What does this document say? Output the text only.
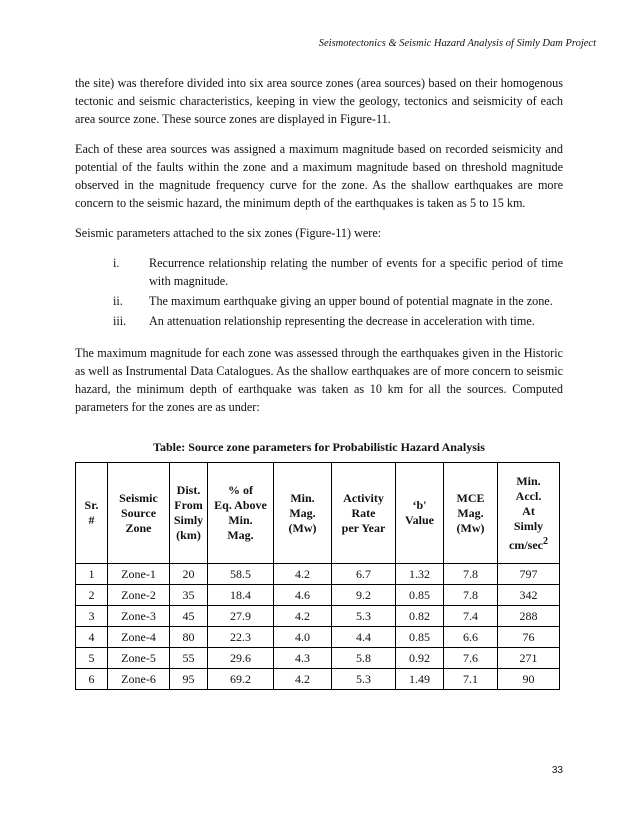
Seismotectonics & Seismic Hazard Analysis of Simly Dam Project

the site) was therefore divided into six area source zones (area sources) based on their homogenous tectonic and seismic characteristics, keeping in view the geology, tectonics and seismicity of each area source zone. These source zones are displayed in Figure-11.

Each of these area sources was assigned a maximum magnitude based on recorded seismicity and potential of the faults within the zone and a maximum magnitude based on threshold magnitude observed in the magnitude frequency curve for the zone. As the shallow earthquakes are more concern to the seismic hazard, the minimum depth of the earthquakes is taken as 5 to 15 km.

Seismic parameters attached to the six zones (Figure-11) were:

i. Recurrence relationship relating the number of events for a specific period of time with magnitude.
ii. The maximum earthquake giving an upper bound of potential magnate in the zone.
iii. An attenuation relationship representing the decrease in acceleration with time.

The maximum magnitude for each zone was assessed through the earthquakes given in the Historic as well as Instrumental Data Catalogues. As the shallow earthquakes are of more concern to seismic hazard, the minimum depth of earthquake was taken as 10 km for all the sources. Computed parameters for the zones are as under:

Table: Source zone parameters for Probabilistic Hazard Analysis
Sr.
#	Seismic
Source
Zone	Dist.
From
Simly
(km)	% of
Eq. Above
Min.
Mag.	Min.
Mag.
(Mw)	Activity
Rate
per Year	‘b'
Value	MCE
Mag.
(Mw)	Min.
Accl.
At
Simly
$cm/\sec^2$
1	Zone-1	20	58.5	4.2	6.7	1.32	7.8	797
2	Zone-2	35	18.4	4.6	9.2	0.85	7.8	342
3	Zone-3	45	27.9	4.2	5.3	0.82	7.4	288
4	Zone-4	80	22.3	4.0	4.4	0.85	6.6	76
5	Zone-5	55	29.6	4.3	5.8	0.92	7.6	271
6	Zone-6	95	69.2	4.2	5.3	1.49	7.1	90
33
